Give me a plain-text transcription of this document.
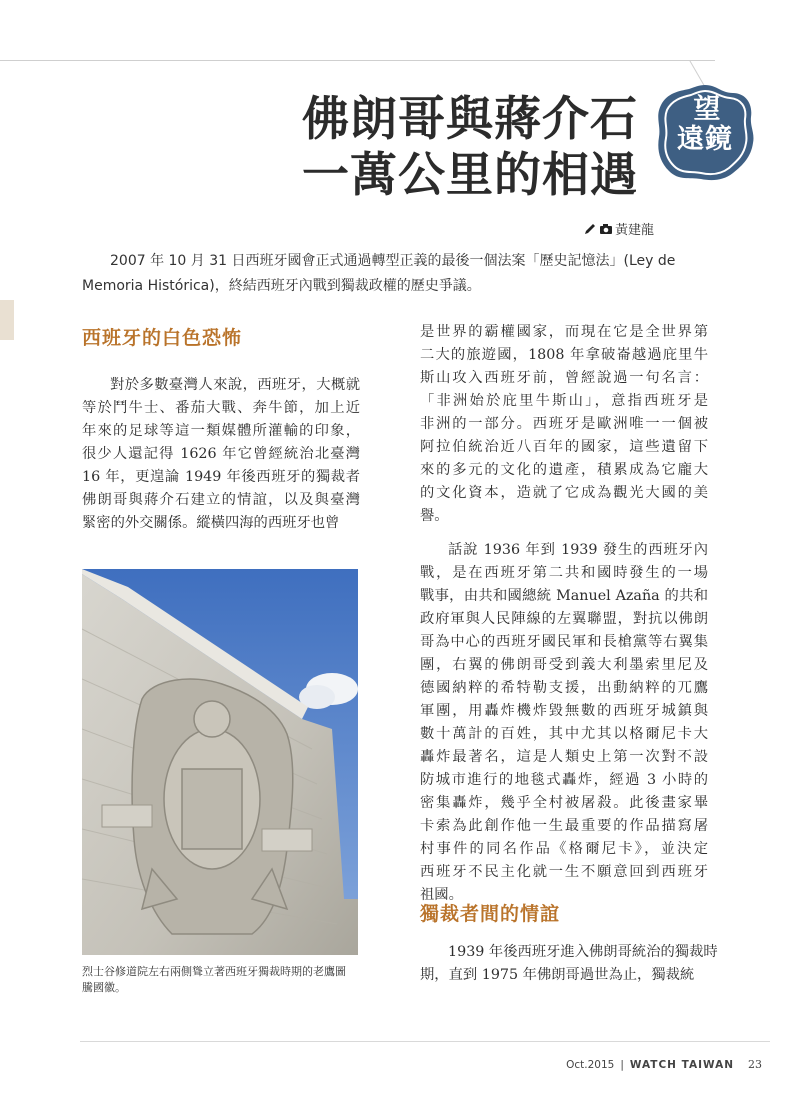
佛朗哥與蔣介石
一萬公里的相遇
望
遠鏡
黃建龍
2007 年 10 月 31 日西班牙國會正式通過轉型正義的最後一個法案「歷史記憶法」(Ley de
Memoria Histórica)，終結西班牙內戰到獨裁政權的歷史爭議。
西班牙的白色恐怖
對於多數臺灣人來說，西班牙，大概就
等於鬥牛士、番茄大戰、奔牛節，加上近
年來的足球等這一類媒體所灌輸的印象，
很少人還記得 1626 年它曾經統治北臺灣
16 年，更遑論 1949 年後西班牙的獨裁者
佛朗哥與蔣介石建立的情誼，以及與臺灣
緊密的外交關係。縱橫四海的西班牙也曾
烈士谷修道院左右兩側聳立著西班牙獨裁時期的老鷹圖
騰國徽。
是世界的霸權國家，而現在它是全世界第
二大的旅遊國，1808 年拿破崙越過庇里牛
斯山攻入西班牙前，曾經說過一句名言：
「非洲始於庇里牛斯山」，意指西班牙是
非洲的一部分。西班牙是歐洲唯一一個被
阿拉伯統治近八百年的國家，這些遺留下
來的多元的文化的遺產，積累成為它龐大
的文化資本，造就了它成為觀光大國的美
譽。
話說 1936 年到 1939 發生的西班牙內
戰，是在西班牙第二共和國時發生的一場
戰事，由共和國總統 Manuel Azaña 的共和
政府軍與人民陣線的左翼聯盟，對抗以佛朗
哥為中心的西班牙國民軍和長槍黨等右翼集
團，右翼的佛朗哥受到義大利墨索里尼及
德國納粹的希特勒支援，出動納粹的兀鷹
軍團，用轟炸機炸毀無數的西班牙城鎮與
數十萬計的百姓，其中尤其以格爾尼卡大
轟炸最著名，這是人類史上第一次對不設
防城市進行的地毯式轟炸，經過 3 小時的
密集轟炸，幾乎全村被屠殺。此後畫家畢
卡索為此創作他一生最重要的作品描寫屠
村事件的同名作品《格爾尼卡》，並決定
西班牙不民主化就一生不願意回到西班牙
祖國。
獨裁者間的情誼
1939 年後西班牙進入佛朗哥統治的獨裁時
期，直到 1975 年佛朗哥過世為止，獨裁統
Oct.2015 | WATCH TAIWAN 23
